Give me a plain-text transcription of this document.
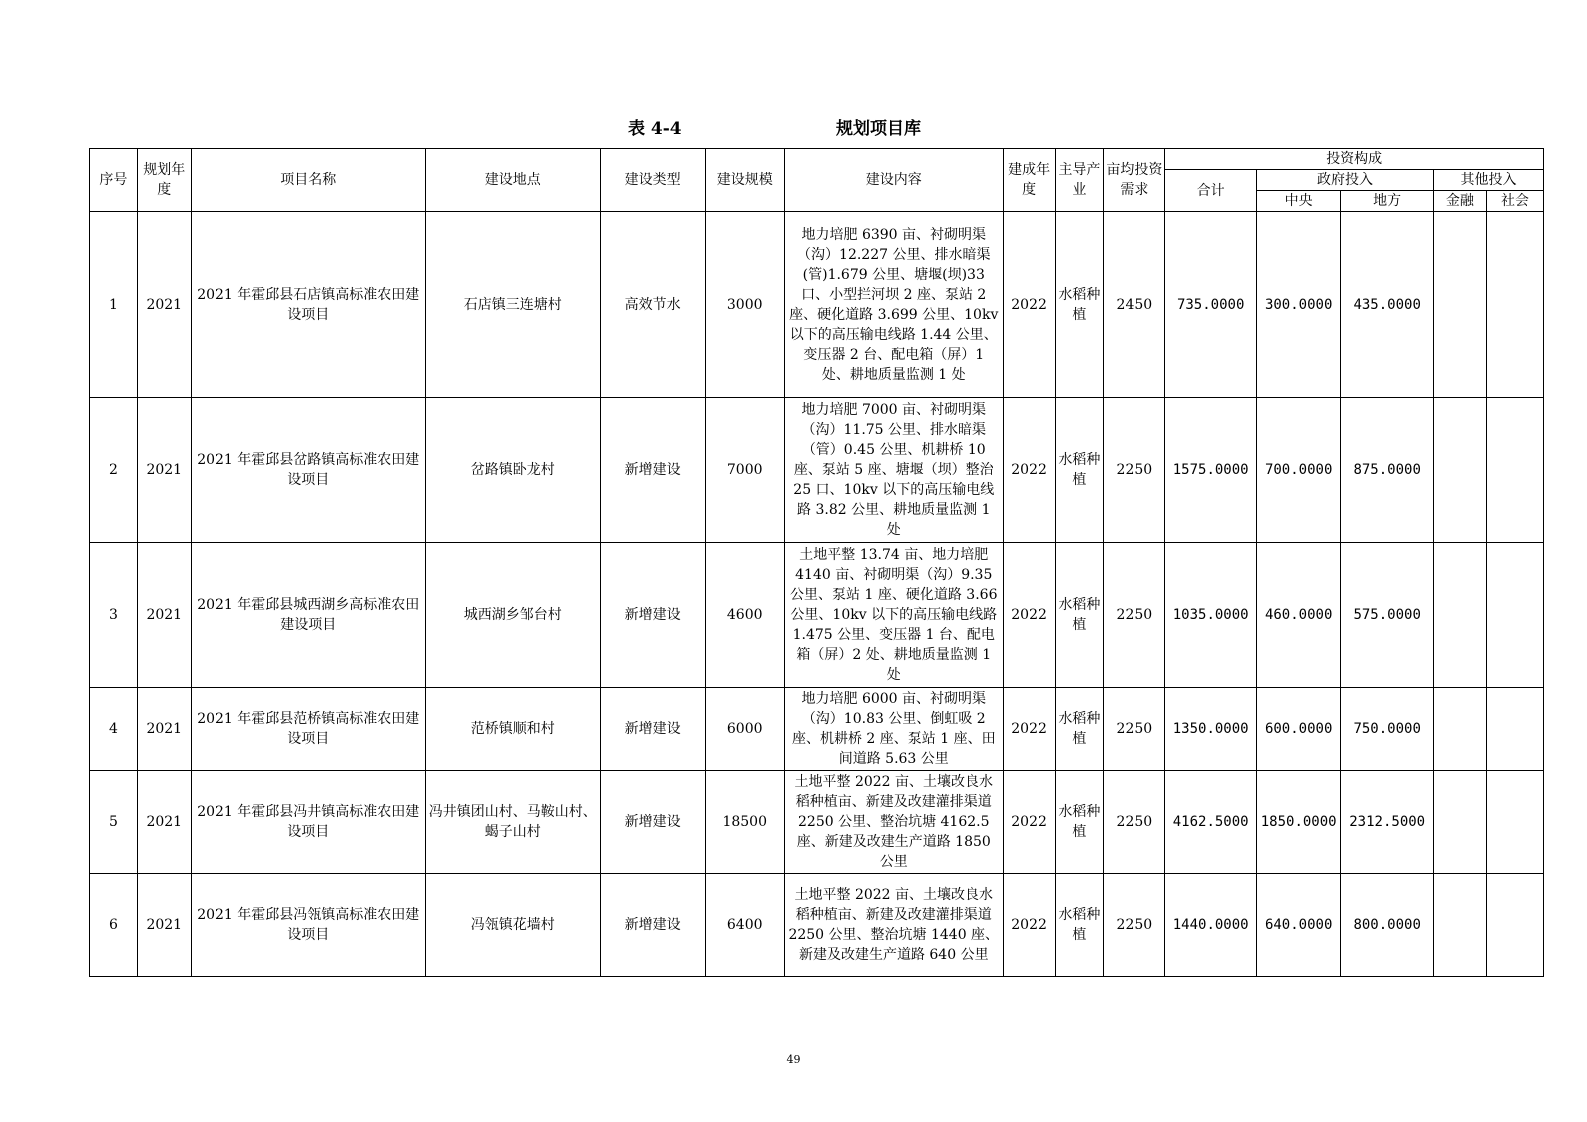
表 4-4	规划项目库
序号	规划年度	项目名称	建设地点	建设类型	建设规模	建设内容	建成年度	主导产业	亩均投资需求	投资构成				
										合计	政府投入		其他投入	
											中央	地方	金融	社会
1	2021	2021 年霍邱县石店镇高标准农田建设项目	石店镇三连塘村	高效节水	3000	地力培肥 6390 亩、衬砌明渠（沟）12.227 公里、排水暗渠(管)1.679 公里、塘堰(坝)33 口、小型拦河坝 2 座、泵站 2 座、硬化道路 3.699 公里、10kv 以下的高压输电线路 1.44 公里、变压器 2 台、配电箱（屏）1 处、耕地质量监测 1 处	2022	水稻种植	2450	735.0000	300.0000	435.0000		
2	2021	2021 年霍邱县岔路镇高标准农田建设项目	岔路镇卧龙村	新增建设	7000	地力培肥 7000 亩、衬砌明渠（沟）11.75 公里、排水暗渠（管）0.45 公里、机耕桥 10 座、泵站 5 座、塘堰（坝）整治 25 口、10kv 以下的高压输电线路 3.82 公里、耕地质量监测 1 处	2022	水稻种植	2250	1575.0000	700.0000	875.0000		
3	2021	2021 年霍邱县城西湖乡高标准农田建设项目	城西湖乡邹台村	新增建设	4600	土地平整 13.74 亩、地力培肥 4140 亩、衬砌明渠（沟）9.35 公里、泵站 1 座、硬化道路 3.66 公里、10kv 以下的高压输电线路 1.475 公里、变压器 1 台、配电箱（屏）2 处、耕地质量监测 1 处	2022	水稻种植	2250	1035.0000	460.0000	575.0000		
4	2021	2021 年霍邱县范桥镇高标准农田建设项目	范桥镇顺和村	新增建设	6000	地力培肥 6000 亩、衬砌明渠（沟）10.83 公里、倒虹吸 2 座、机耕桥 2 座、泵站 1 座、田间道路 5.63 公里	2022	水稻种植	2250	1350.0000	600.0000	750.0000		
5	2021	2021 年霍邱县冯井镇高标准农田建设项目	冯井镇团山村、马鞍山村、蝎子山村	新增建设	18500	土地平整 2022 亩、土壤改良水稻种植亩、新建及改建灌排渠道 2250 公里、整治坑塘 4162.5 座、新建及改建生产道路 1850 公里	2022	水稻种植	2250	4162.5000	1850.0000	2312.5000		
6	2021	2021 年霍邱县冯瓴镇高标准农田建设项目	冯瓴镇花墙村	新增建设	6400	土地平整 2022 亩、土壤改良水稻种植亩、新建及改建灌排渠道 2250 公里、整治坑塘 1440 座、新建及改建生产道路 640 公里	2022	水稻种植	2250	1440.0000	640.0000	800.0000		
49
